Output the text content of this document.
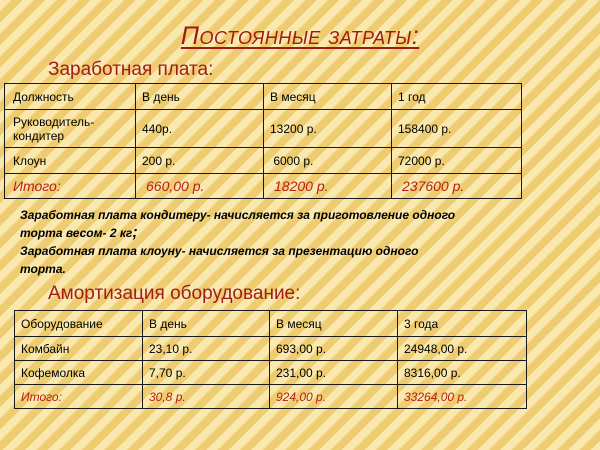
Постоянные затраты:
Заработная плата:
Должность	В день	В месяц	1 год
Руководитель-кондитер	440р.	13200 р.	158400 р.
Клоун	200 р.	6000 р.	72000 р.
Итого:	660,00 р.	18200 р.	237600 р.
Заработная плата кондитеру- начисляется за приготовление одного
торта весом- 2 кг;
Заработная плата клоуну- начисляется за презентацию одного
торта.
Амортизация оборудование:
Оборудование	В день	В месяц	3 года
Комбайн	23,10 р.	693,00 р.	24948,00 р.
Кофемолка	7,70 р.	231,00 р.	8316,00 р.
Итого:	30,8 р.	924,00 р.	33264,00 р.
